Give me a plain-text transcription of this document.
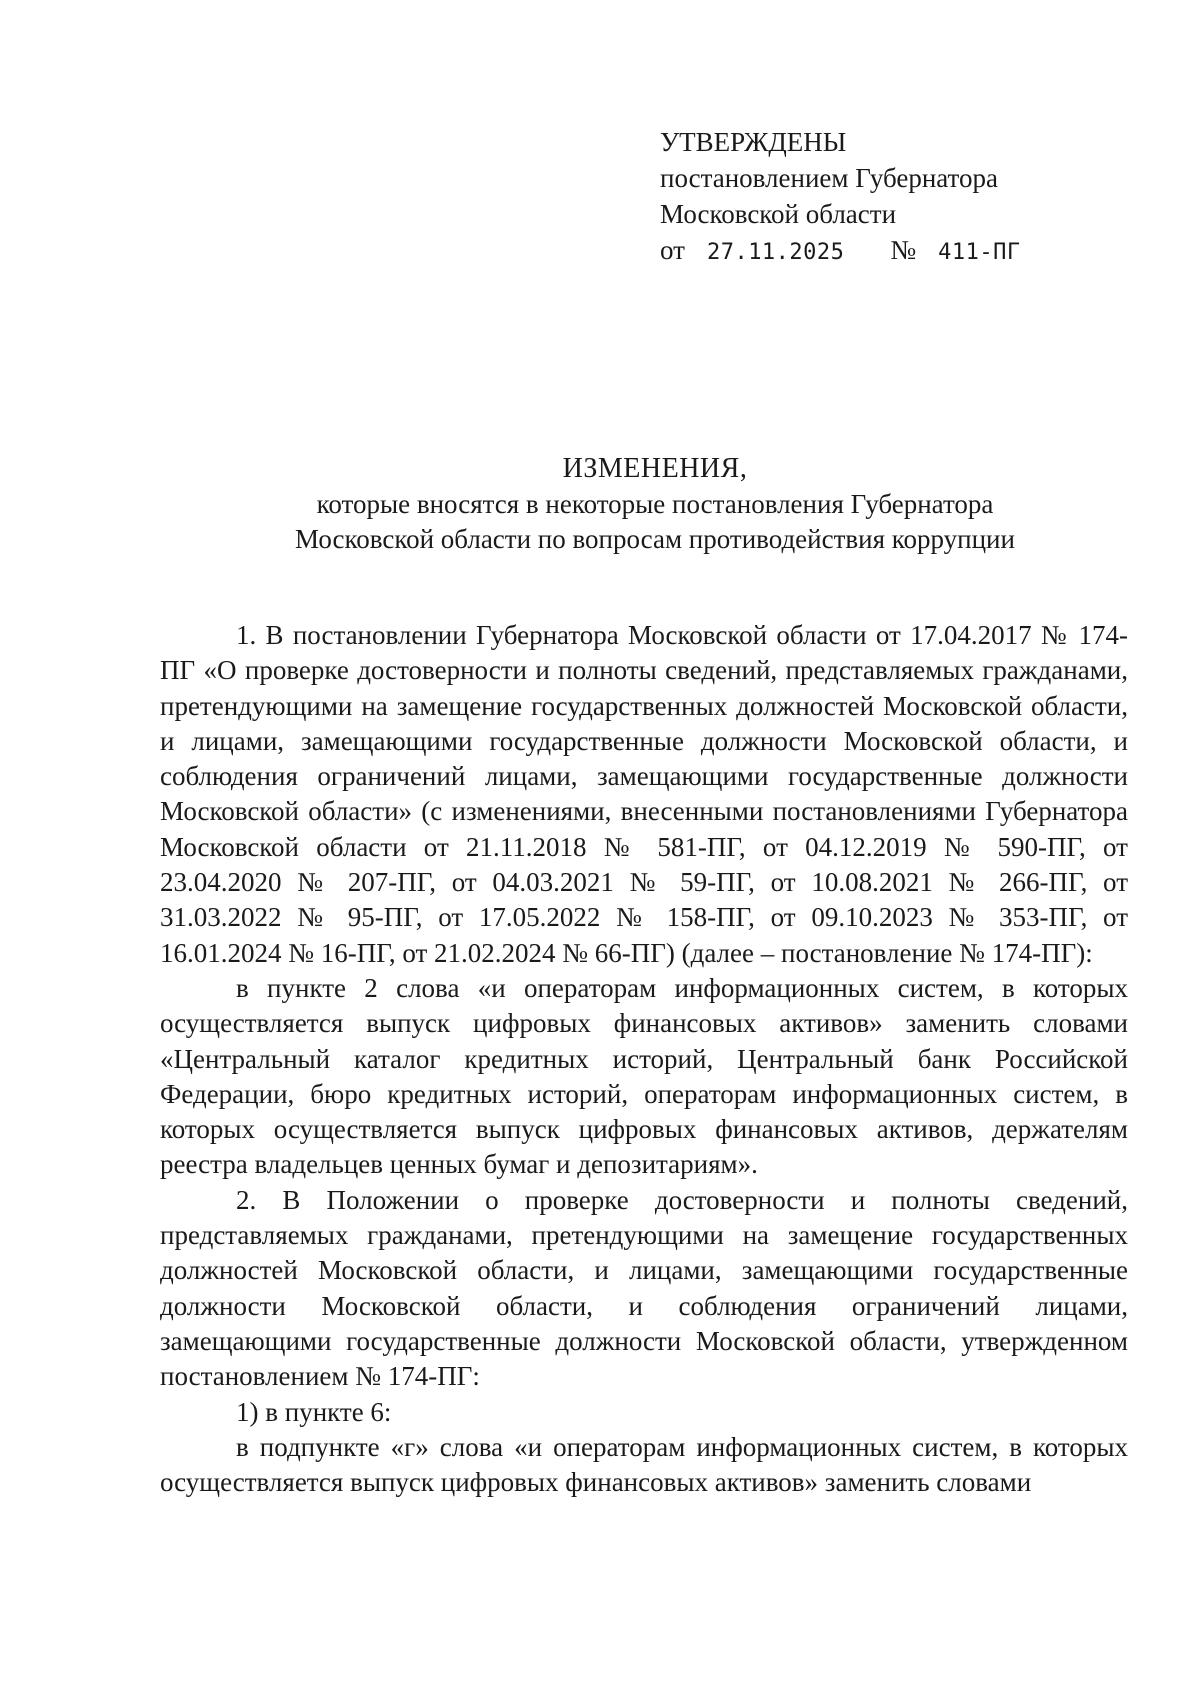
УТВЕРЖДЕНЫ
постановлением Губернатора
Московской области
от 27.11.2025 № 411-ПГ
ИЗМЕНЕНИЯ,
которые вносятся в некоторые постановления Губернатора
Московской области по вопросам противодействия коррупции

1. В постановлении Губернатора Московской области от 17.04.2017 № 174-ПГ «О проверке достоверности и полноты сведений, представляемых гражданами, претендующими на замещение государственных должностей Московской области, и лицами, замещающими государственные должности Московской области, и соблюдения ограничений лицами, замещающими государственные должности Московской области» (с изменениями, внесенными постановлениями Губернатора Московской области от 21.11.2018 № 581-ПГ, от 04.12.2019 № 590-ПГ, от 23.04.2020 № 207-ПГ, от 04.03.2021 № 59-ПГ, от 10.08.2021 № 266-ПГ, от 31.03.2022 № 95-ПГ, от 17.05.2022 № 158-ПГ, от 09.10.2023 № 353-ПГ, от 16.01.2024 № 16-ПГ, от 21.02.2024 № 66-ПГ) (далее – постановление № 174-ПГ):

в пункте 2 слова «и операторам информационных систем, в которых осуществляется выпуск цифровых финансовых активов» заменить словами «Центральный каталог кредитных историй, Центральный банк Российской Федерации, бюро кредитных историй, операторам информационных систем, в которых осуществляется выпуск цифровых финансовых активов, держателям реестра владельцев ценных бумаг и депозитариям».

2. В Положении о проверке достоверности и полноты сведений, представляемых гражданами, претендующими на замещение государственных должностей Московской области, и лицами, замещающими государственные должности Московской области, и соблюдения ограничений лицами, замещающими государственные должности Московской области, утвержденном постановлением № 174-ПГ:

1) в пункте 6:

в подпункте «г» слова «и операторам информационных систем, в которых осуществляется выпуск цифровых финансовых активов» заменить словами
